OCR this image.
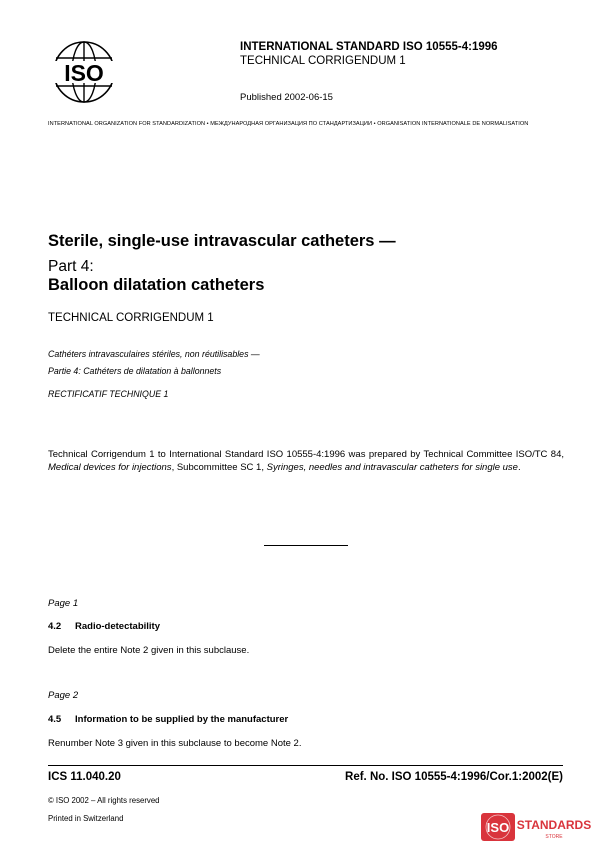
ISO
INTERNATIONAL STANDARD ISO 10555-4:1996
TECHNICAL CORRIGENDUM 1
Published 2002-06-15
INTERNATIONAL ORGANIZATION FOR STANDARDIZATION • МЕЖДУНАРОДНАЯ ОРГАНИЗАЦИЯ ПО СТАНДАРТИЗАЦИИ • ORGANISATION INTERNATIONALE DE NORMALISATION
Sterile, single-use intravascular catheters —
Part 4:
Balloon dilatation catheters
TECHNICAL CORRIGENDUM 1
Cathéters intravasculaires stériles, non réutilisables —
Partie 4: Cathéters de dilatation à ballonnets
RECTIFICATIF TECHNIQUE 1

Technical Corrigendum 1 to International Standard ISO 10555-4:1996 was prepared by Technical Committee ISO/TC 84, Medical devices for injections, Subcommittee SC 1, Syringes, needles and intravascular catheters for single use.

Page 1
4.2 Radio-detectability
Delete the entire Note 2 given in this subclause.
Page 2
4.5 Information to be supplied by the manufacturer
Renumber Note 3 given in this subclause to become Note 2.
ICS 11.040.20	Ref. No. ISO 10555-4:1996/Cor.1:2002(E)
© ISO 2002 – All rights reserved
Printed in Switzerland
ISO STANDARDS
STORE
